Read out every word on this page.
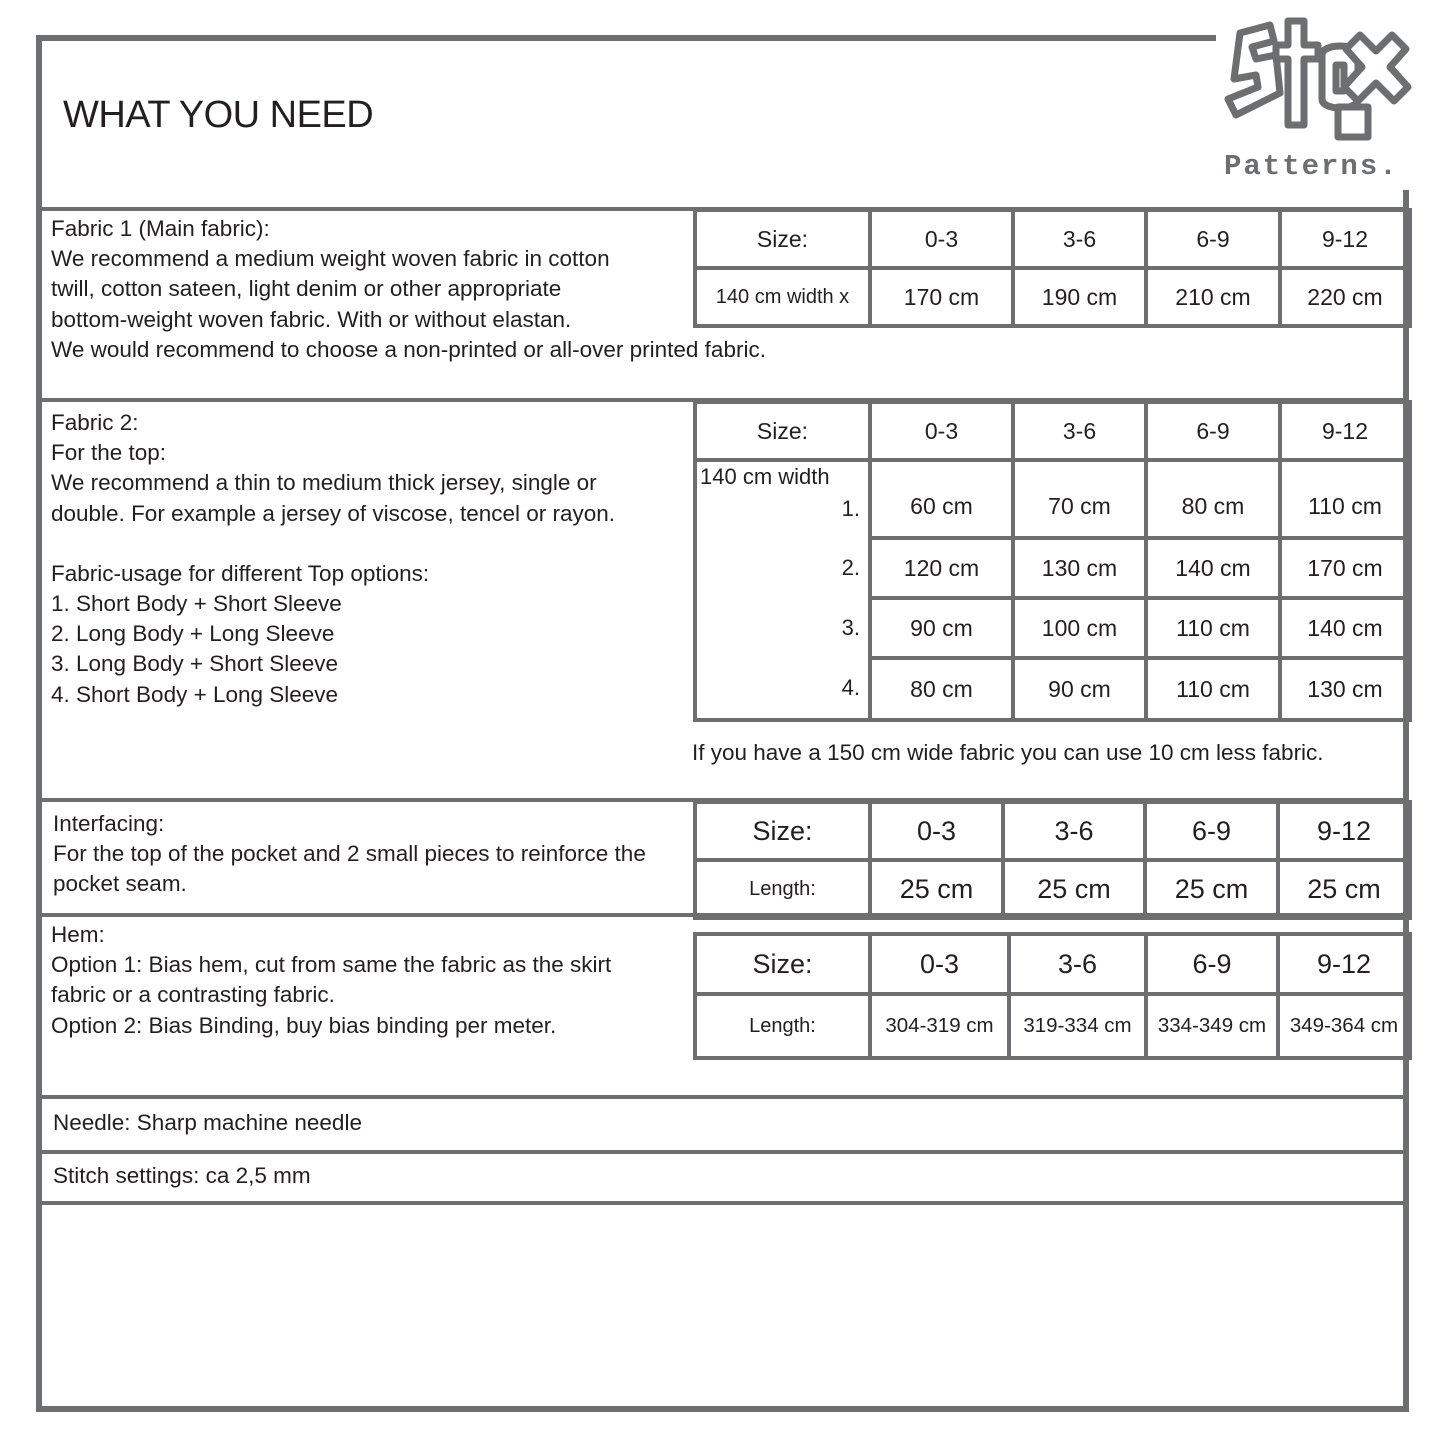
WHAT YOU NEED
Patterns.
Fabric 1 (Main fabric):
We recommend a medium weight woven fabric in cotton
twill, cotton sateen, light denim or other appropriate
bottom-weight woven fabric. With or without elastan.
We would recommend to choose a non-printed or all-over printed fabric.
Size:	0-3	3-6	6-9	9-12
140 cm width x	170 cm	190 cm	210 cm	220 cm
Fabric 2:
For the top:
We recommend a thin to medium thick jersey, single or
double. For example a jersey of viscose, tencel or rayon.
Fabric-usage for different Top options:
1. Short Body + Short Sleeve
2. Long Body + Long Sleeve
3. Long Body + Short Sleeve
4. Short Body + Long Sleeve
Size:	0-3	3-6	6-9	9-12

140 cm width
1.	60 cm	70 cm	80 cm	110 cm
2.	120 cm	130 cm	140 cm	170 cm
3.	90 cm	100 cm	110 cm	140 cm
4.	80 cm	90 cm	110 cm	130 cm
If you have a 150 cm wide fabric you can use 10 cm less fabric.
Interfacing:
For the top of the pocket and 2 small pieces to reinforce the
pocket seam.
Size:	0-3	3-6	6-9	9-12
Length:	25 cm	25 cm	25 cm	25 cm
Hem:
Option 1: Bias hem, cut from same the fabric as the skirt
fabric or a contrasting fabric.
Option 2: Bias Binding, buy bias binding per meter.
Size:	0-3	3-6	6-9	9-12
Length:	304-319 cm	319-334 cm	334-349 cm	349-364 cm
Needle: Sharp machine needle
Stitch settings: ca 2,5 mm
